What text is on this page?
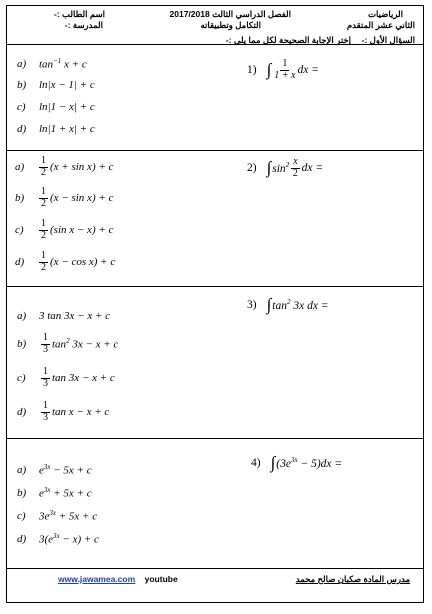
الرياضيات
الثاني عشر المتقدم
الفصل الدراسي الثالث 2017/2018
التكامل وتطبيقاته
اسم الطالب :-
المدرسة :-
السؤال الأول :-
إختر الإجابة الصحيحة لكل مما يلي :-
a)	$\tan^{-1} x + c$
b)	ln|x − 1| + c
c)	ln|1 − x| + c
d)	ln|1 + x| + c
1) ∫ $\frac{1}{1 + x}$ dx =
a)	$\frac{1}{2} (x + \sin x) + c$
b)	$\frac{1}{2} (x - \sin x) + c$
c)	$\frac{1}{2} (\sin$ x − x) + c
d)	$\frac{1}{2} (x - \cos x) + c$
2) ∫ $\sin^2 \frac{x}{2}$ dx =
a)	3 tan 3x − x + c
b)	$\frac{1}{3} \tan^2 3x - x + c$
c)	$\frac{1}{3}$ tan 3x − x + c
d)	$\frac{1}{3}$ tan x − x + c
3) ∫ $\tan^2 3x$ dx =
a)	$e^{3x} - 5x + c$
b)	$e^{3x} + 5x + c$
c)	$3e^{3x} + 5x + c$
d)	$3(e^{3x} - x) + c$
4) ∫ $(3e^{3x} - 5)dx$ =
www.jawamea.com youtube	مدرس المادة صكبان صالح محمد
